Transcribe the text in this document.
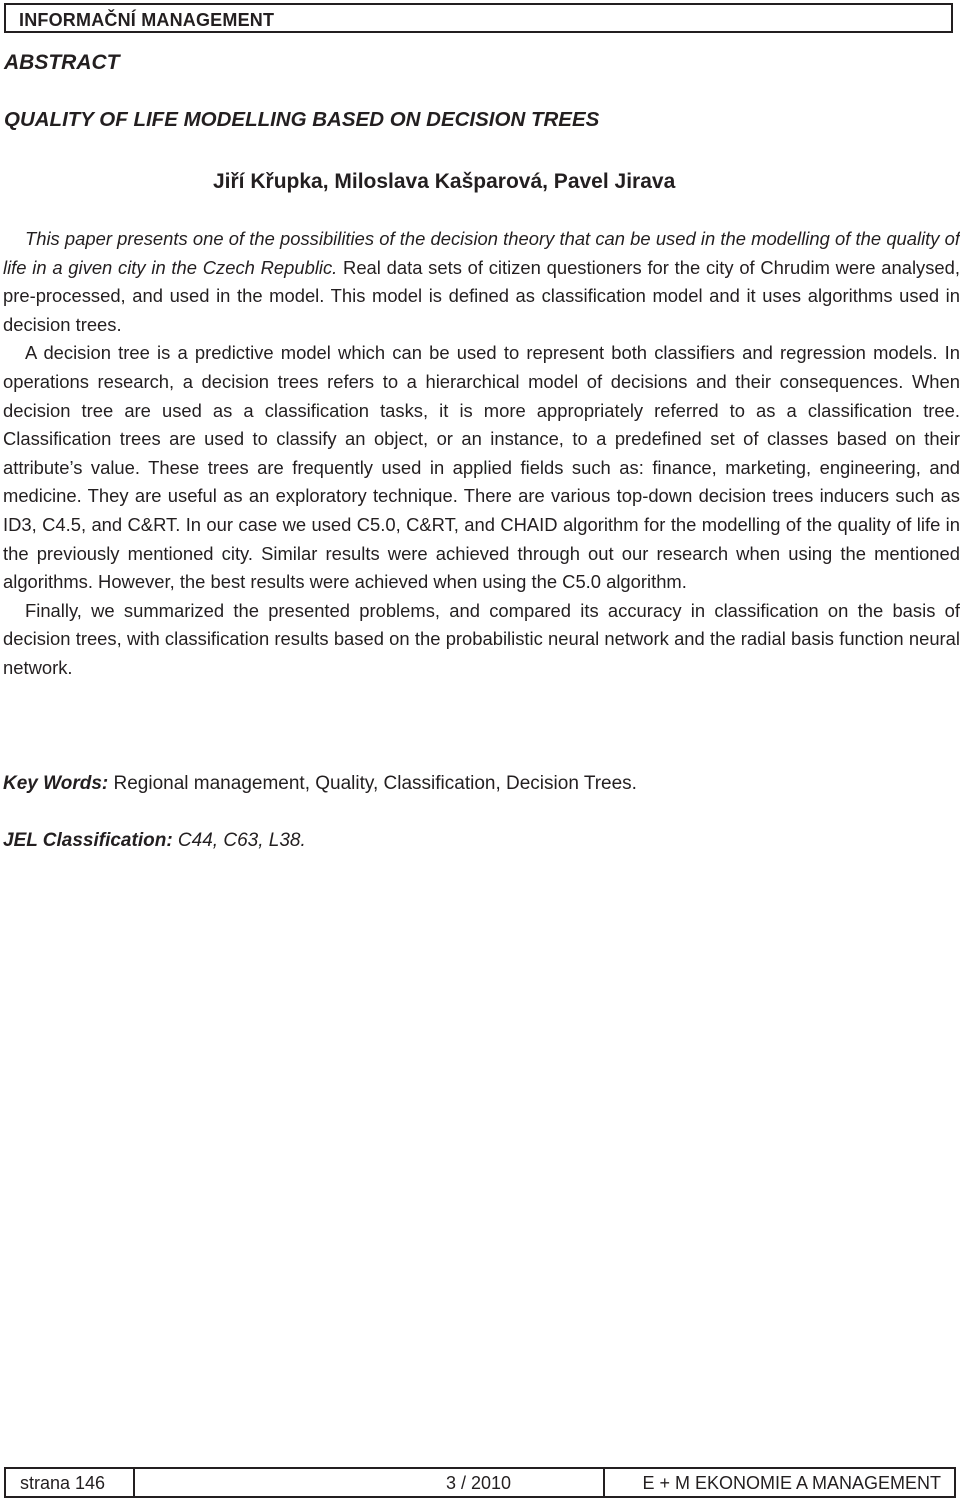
INFORMAČNÍ MANAGEMENT
ABSTRACT
QUALITY OF LIFE MODELLING BASED ON DECISION TREES
Jiří Křupka, Miloslava Kašparová, Pavel Jirava

This paper presents one of the possibilities of the decision theory that can be used in the modelling of the quality of life in a given city in the Czech Republic. Real data sets of citizen questioners for the city of Chrudim were analysed, pre-processed, and used in the model. This model is defined as classification model and it uses algorithms used in decision trees.

A decision tree is a predictive model which can be used to represent both classifiers and regression models. In operations research, a decision trees refers to a hierarchical model of decisions and their consequences. When decision tree are used as a classification tasks, it is more appropriately referred to as a classification tree. Classification trees are used to classify an object, or an instance, to a predefined set of classes based on their attribute’s value. These trees are frequently used in applied fields such as: finance, marketing, engineering, and medicine. They are useful as an exploratory technique. There are various top-down decision trees inducers such as ID3, C4.5, and C&RT. In our case we used C5.0, C&RT, and CHAID algorithm for the modelling of the quality of life in the previously mentioned city. Similar results were achieved through out our research when using the mentioned algorithms. However, the best results were achieved when using the C5.0 algorithm.

Finally, we summarized the presented problems, and compared its accuracy in classification on the basis of decision trees, with classification results based on the probabilistic neural network and the radial basis function neural network.

Key Words: Regional management, Quality, Classification, Decision Trees.
JEL Classification: C44, C63, L38.
strana 146	3 / 2010	E + M EKONOMIE A MANAGEMENT
